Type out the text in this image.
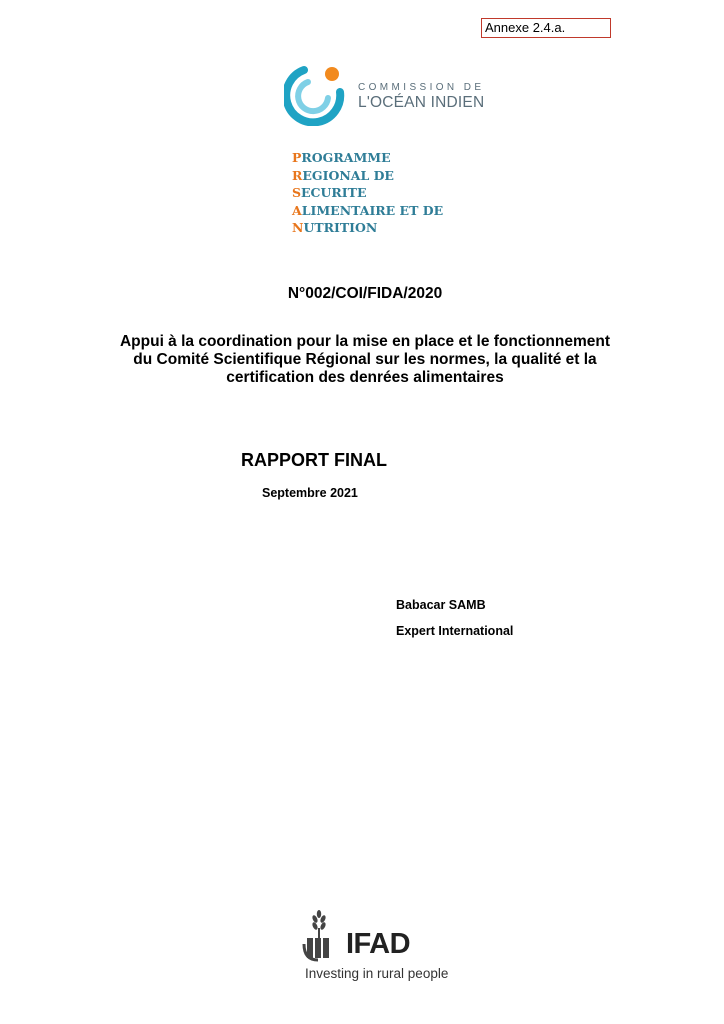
Annexe 2.4.a.
COMMISSION DE
L'OCÉAN INDIEN
PROGRAMME
REGIONAL DE
SECURITE
ALIMENTAIRE ET DE
NUTRITION
N°002/COI/FIDA/2020
Appui à la coordination pour la mise en place et le fonctionnement du Comité Scientifique Régional sur les normes, la qualité et la certification des denrées alimentaires
RAPPORT FINAL
Septembre 2021
Babacar SAMB
Expert International
IFAD
Investing in rural people
